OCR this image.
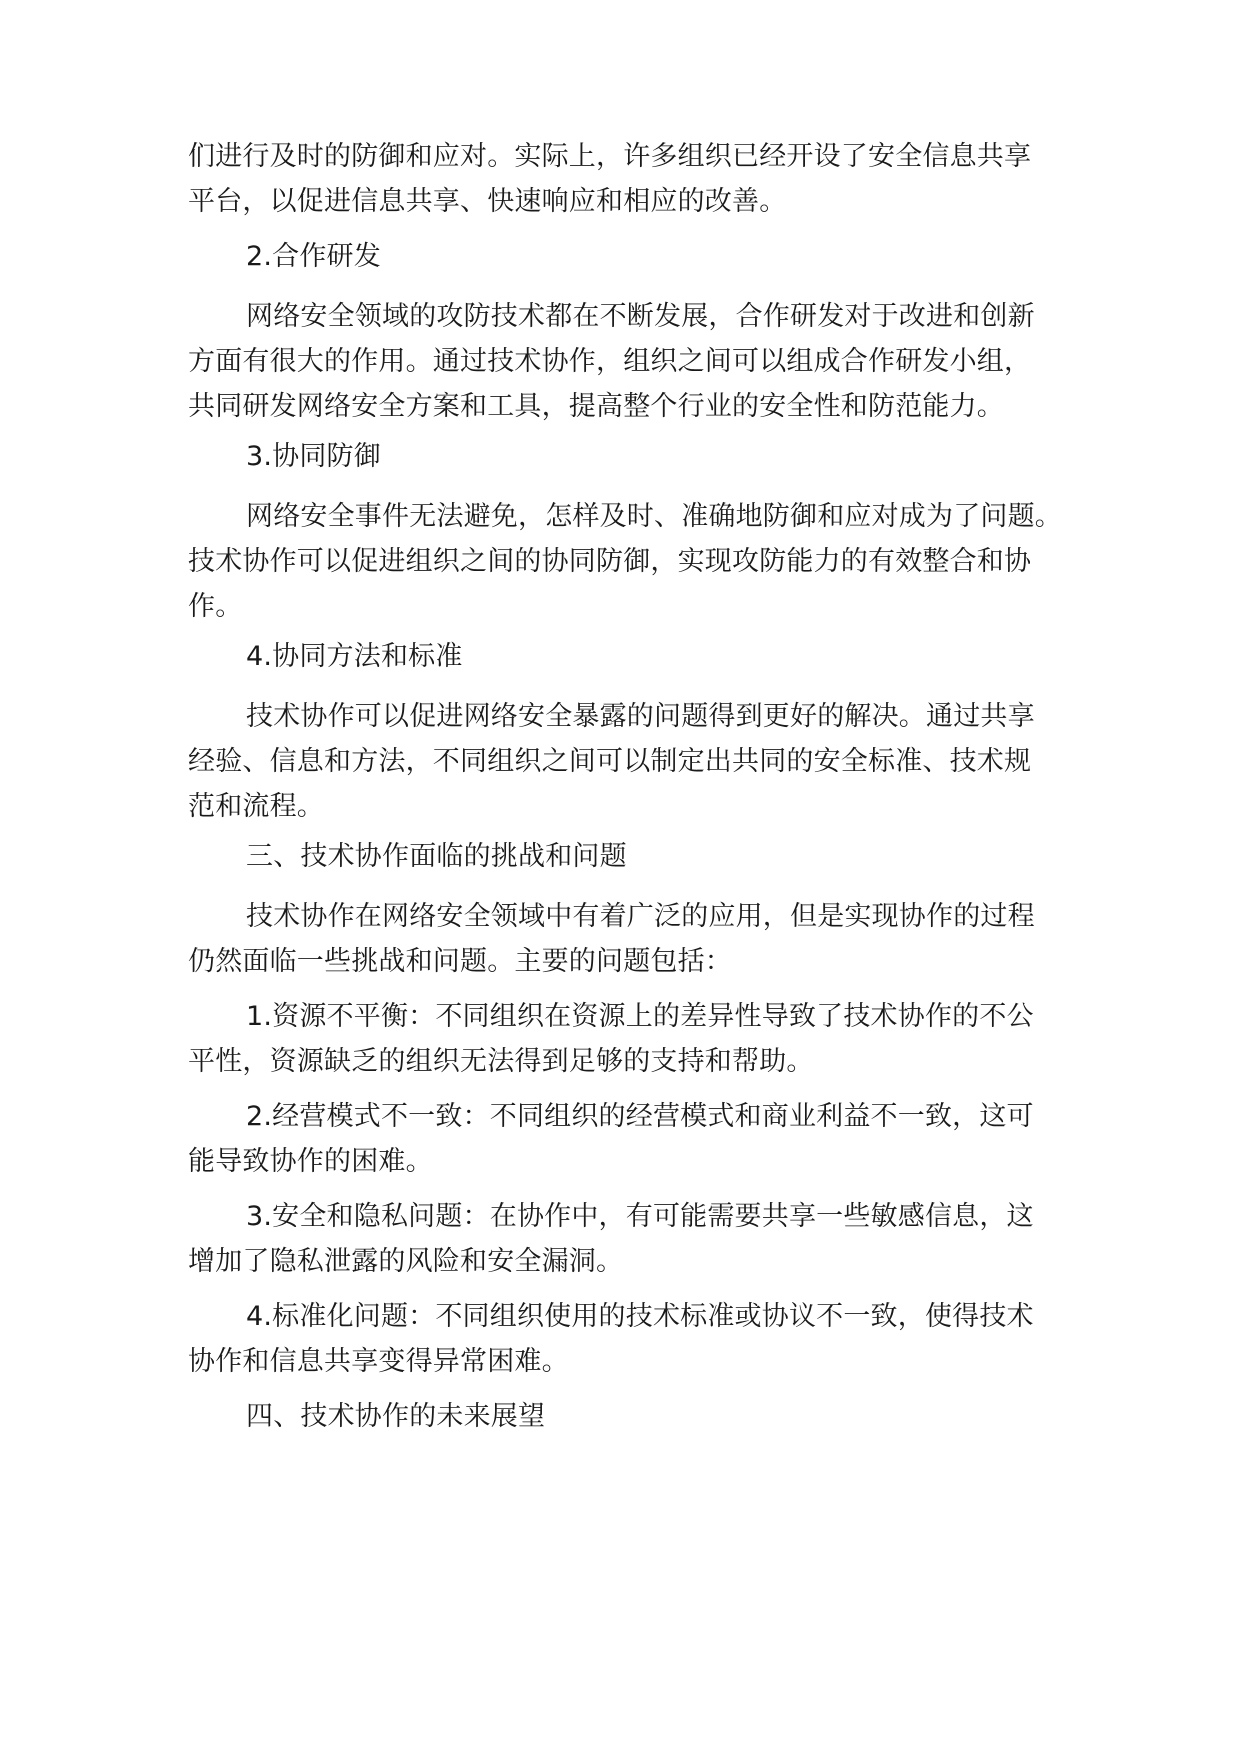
们进行及时的防御和应对。实际上，许多组织已经开设了安全信息共享
平台，以促进信息共享、快速响应和相应的改善。

2.合作研发

网络安全领域的攻防技术都在不断发展，合作研发对于改进和创新
方面有很大的作用。通过技术协作，组织之间可以组成合作研发小组，
共同研发网络安全方案和工具，提高整个行业的安全性和防范能力。

3.协同防御

网络安全事件无法避免，怎样及时、准确地防御和应对成为了问题。
技术协作可以促进组织之间的协同防御，实现攻防能力的有效整合和协
作。

4.协同方法和标准

技术协作可以促进网络安全暴露的问题得到更好的解决。通过共享
经验、信息和方法，不同组织之间可以制定出共同的安全标准、技术规
范和流程。

三、技术协作面临的挑战和问题

技术协作在网络安全领域中有着广泛的应用，但是实现协作的过程
仍然面临一些挑战和问题。主要的问题包括：

1.资源不平衡：不同组织在资源上的差异性导致了技术协作的不公
平性，资源缺乏的组织无法得到足够的支持和帮助。

2.经营模式不一致：不同组织的经营模式和商业利益不一致，这可
能导致协作的困难。

3.安全和隐私问题：在协作中，有可能需要共享一些敏感信息，这
增加了隐私泄露的风险和安全漏洞。

4.标准化问题：不同组织使用的技术标准或协议不一致，使得技术
协作和信息共享变得异常困难。

四、技术协作的未来展望
